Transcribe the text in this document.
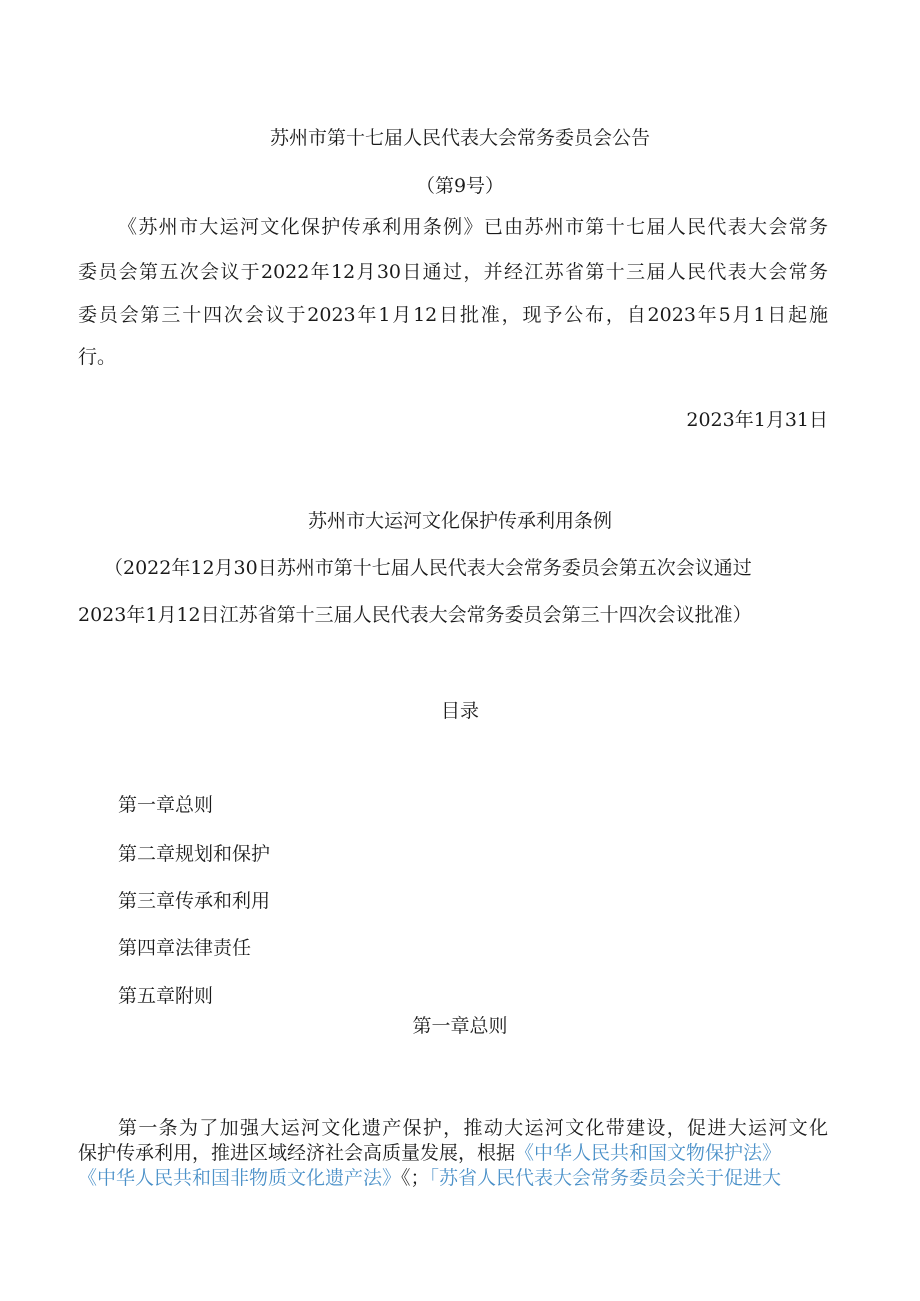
苏州市第十七届人民代表大会常务委员会公告
（第9号）
《苏州市大运河文化保护传承利用条例》已由苏州市第十七届人民代表大会常务
委员会第五次会议于2022年12月30日通过，并经江苏省第十三届人民代表大会常务
委员会第三十四次会议于2023年1月12日批准，现予公布，自2023年5月1日起施
行。
2023年1月31日
苏州市大运河文化保护传承利用条例
（2022年12月30日苏州市第十七届人民代表大会常务委员会第五次会议通过
2023年1月12日江苏省第十三届人民代表大会常务委员会第三十四次会议批准）
目录
第一章总则
第二章规划和保护
第三章传承和利用
第四章法律责任
第五章附则
第一章总则
第一条为了加强大运河文化遗产保护，推动大运河文化带建设，促进大运河文化
保护传承利用，推进区域经济社会高质量发展，根据《中华人民共和国文物保护法》
《中华人民共和国非物质文化遗产法》《；「苏省人民代表大会常务委员会关于促进大
